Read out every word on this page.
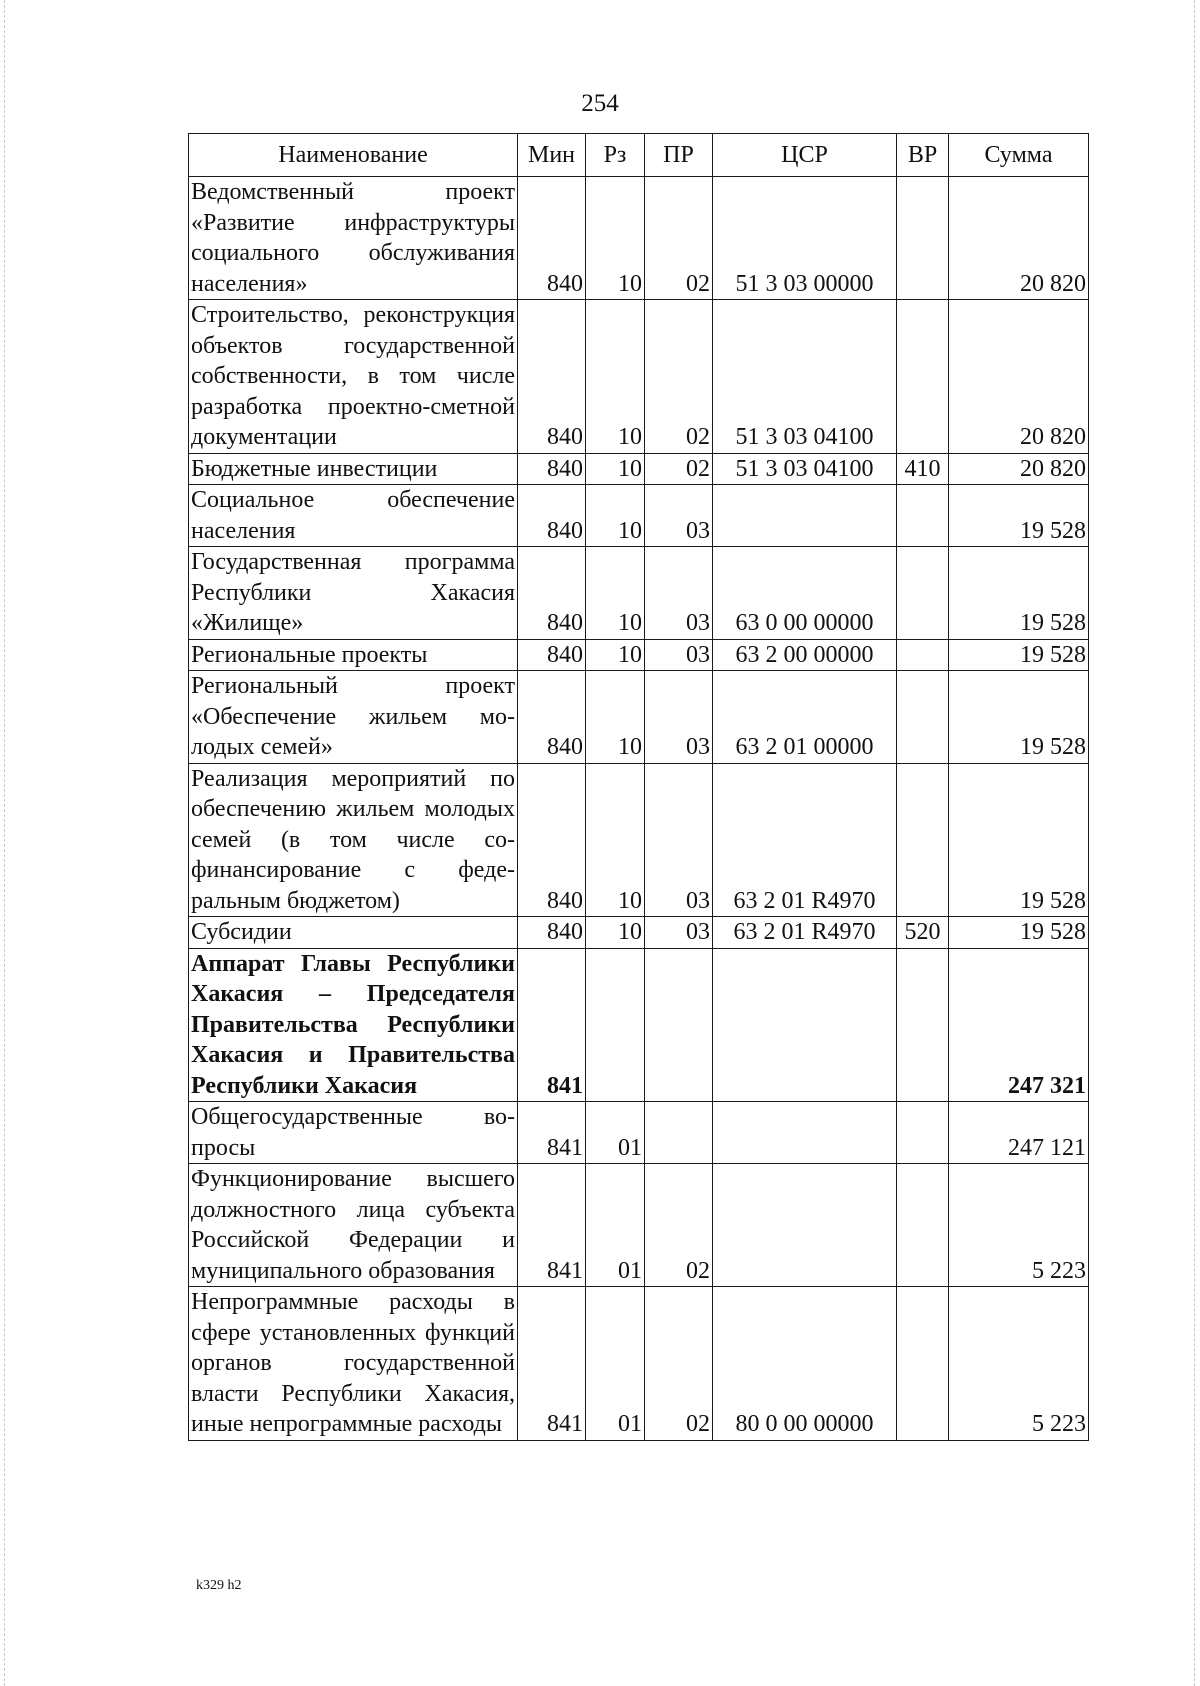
254
Наименование	Мин	Рз	ПР	ЦСР	ВР	Сумма
Ведомственный проект «Развитие инфраструктуры социального обслуживания населения»	840	10	02	51 3 03 00000		20 820
Строительство, реконструкция объектов государственной собственности, в том числе разработка проектно-сметной документации	840	10	02	51 3 03 04100		20 820
Бюджетные инвестиции	840	10	02	51 3 03 04100	410	20 820
Социальное обеспечение населения	840	10	03			19 528
Государственная программа Республики Хакасия «Жилище»	840	10	03	63 0 00 00000		19 528
Региональные проекты	840	10	03	63 2 00 00000		19 528
Региональный проект «Обеспечение жильем молодых семей»	840	10	03	63 2 01 00000		19 528
Реализация мероприятий по обеспечению жильем молодых семей (в том числе софинансирование с федеральным бюджетом)	840	10	03	63 2 01 R4970		19 528
Субсидии	840	10	03	63 2 01 R4970	520	19 528
Аппарат Главы Республики Хакасия – Председателя Правительства Республики Хакасия и Правительства Республики Хакасия	841					247 321
Общегосударственные вопросы	841	01				247 121
Функционирование высшего должностного лица субъекта Российской Федерации и муниципального образования	841	01	02			5 223
Непрограммные расходы в сфере установленных функций органов государственной власти Республики Хакасия, иные непрограммные расходы	841	01	02	80 0 00 00000		5 223
k329 h2
